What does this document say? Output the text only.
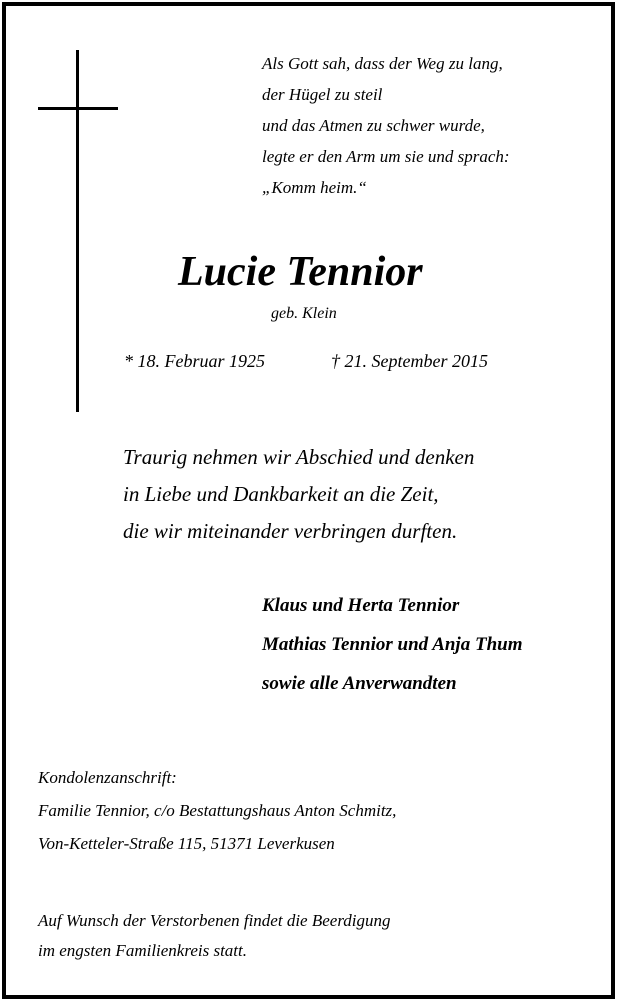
Als Gott sah, dass der Weg zu lang,
der Hügel zu steil
und das Atmen zu schwer wurde,
legte er den Arm um sie und sprach:
„Komm heim.“
Lucie Tennior
geb. Klein
* 18. Februar 1925	† 21. September 2015
Traurig nehmen wir Abschied und denken
in Liebe und Dankbarkeit an die Zeit,
die wir miteinander verbringen durften.
Klaus und Herta Tennior
Mathias Tennior und Anja Thum
sowie alle Anverwandten
Kondolenzanschrift:
Familie Tennior, c/o Bestattungshaus Anton Schmitz,
Von-Ketteler-Straße 115, 51371 Leverkusen
Auf Wunsch der Verstorbenen findet die Beerdigung
im engsten Familienkreis statt.
